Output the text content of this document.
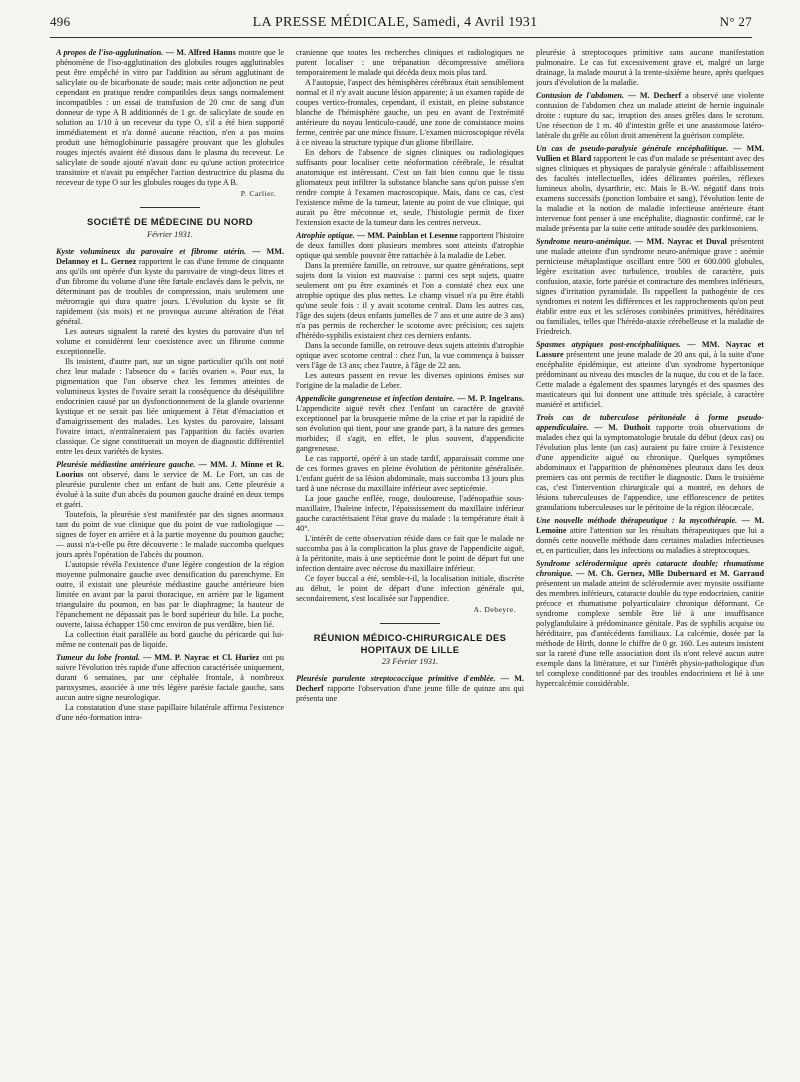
496	LA PRESSE MÉDICALE, Samedi, 4 Avril 1931	N° 27

A propos de l'iso-agglutination. — M. Alfred Hanns montre que le phénomène de l'iso-agglutination des globules rouges agglutinables peut être empêché in vitro par l'addition au sérum agglutinant de salicylate ou de bicarbonate de soude; mais cette adjonction ne peut cependant en pratique rendre compatibles deux sangs normalement incompatibles : un essai de transfusion de 20 cmc de sang d'un donneur de type A B additionnés de 1 gr. de salicylate de soude en solution au 1/10 à un receveur du type O, s'il a été bien supporté immédiatement et n'a donné aucune réaction, n'en a pas moins produit une hémoglobinurie passagère prouvant que les globules rouges injectés avaient été dissous dans le plasma du receveur. Le salicylate de soude ajouté n'avait donc eu qu'une action protectrice transitoire et n'avait pu empêcher l'action destructrice du plasma du receveur de type O sur les globules rouges du type A B.

P. Carlier.
SOCIÉTÉ DE MÉDECINE DU NORD
Février 1931.

Kyste volumineux du parovaire et fibrome utérin. — MM. Delannoy et L. Gernez rapportent le cas d'une femme de cinquante ans qu'ils ont opérée d'un kyste du parovaire de vingt-deux litres et d'un fibrome du volume d'une tête fœtale enclavés dans le pelvis, ne déterminant pas de troubles de compression, mais seulement une métrorragie qui dura quatre jours. L'évolution du kyste se fit rapidement (six mois) et ne provoqua aucune altération de l'état général.

Les auteurs signalent la rareté des kystes du parovaire d'un tel volume et considèrent leur coexistence avec un fibrome comme exceptionnelle.

Ils insistent, d'autre part, sur un signe particulier qu'ils ont noté chez leur malade : l'absence du « faciès ovarien ». Pour eux, la pigmentation que l'on observe chez les femmes atteintes de volumineux kystes de l'ovaire serait la conséquence du déséquilibre endocrinien causé par un dysfonctionnement de la glande ovarienne kystique et ne serait pas liée uniquement à l'état d'émaciation et d'amaigrissement des malades. Les kystes du parovaire, laissant l'ovaire intact, n'entraîneraient pas l'apparition du faciès ovarien classique. Ce signe constituerait un moyen de diagnostic différentiel entre les deux variétés de kystes.

Pleurésie médiastine antérieure gauche. — MM. J. Minne et R. Loorius ont observé, dans le service de M. Le Fort, un cas de pleurésie purulente chez un enfant de huit ans. Cette pleurésie a évolué à la suite d'un abcès du poumon gauche drainé en deux temps et guéri.

Toutefois, la pleurésie s'est manifestée par des signes anormaux tant du point de vue clinique que du point de vue radiologique — signes de foyer en arrière et à la partie moyenne du poumon gauche; — aussi n'a-t-elle pu être découverte : le malade succomba quelques jours après l'opération de l'abcès du poumon.

L'autopsie révéla l'existence d'une légère congestion de la région moyenne pulmonaire gauche avec densification du parenchyme. En outre, il existait une pleurésie médiastine gauche antérieure bien limitée en avant par la paroi thoracique, en arrière par le ligament triangulaire du poumon, en bas par le diaphragme; la hauteur de l'épanchement ne dépassait pas le bord supérieur du hile. La poche, ouverte, laissa échapper 150 cmc environ de pus verdâtre, bien lié.

La collection était parallèle au bord gauche du péricarde qui lui-même ne contenait pas de liquide.

Tumeur du lobe frontal. — MM. P. Nayrac et Cl. Huriez ont pu suivre l'évolution très rapide d'une affection caractérisée uniquement, durant 6 semaines, par une céphalée frontale, à nombreux paroxysmes, associée à une très légère parésie faciale gauche, sans aucun autre signe neurologique.

La constatation d'une stase papillaire bilatérale affirma l'existence d'une néo-formation intra-

cranienne que toutes les recherches cliniques et radiologiques ne purent localiser : une trépanation décompressive améliora temporairement le malade qui décéda deux mois plus tard.

A l'autopsie, l'aspect des hémisphères cérébraux était sensiblement normal et il n'y avait aucune lésion apparente; à un examen rapide de coupes vertico-frontales, cependant, il existait, en pleine substance blanche de l'hémisphère gauche, un peu en avant de l'extrémité antérieure du noyau lenticulo-caudé, une zone de consistance moins ferme, centrée par une mince fissure. L'examen microscopique révéla à ce niveau la structure typique d'un gliome fibrillaire.

En dehors de l'absence de signes cliniques ou radiologiques suffisants pour localiser cette néoformation cérébrale, le résultat anatomique est intéressant. C'est un fait bien connu que le tissu gliomateux peut infiltrer la substance blanche sans qu'on puisse s'en rendre compte à l'examen macroscopique. Mais, dans ce cas, c'est l'existence même de la tumeur, latente au point de vue clinique, qui aurait pu être méconnue et, seule, l'histologie permit de fixer l'extension exacte de la tumeur dans les centres nerveux.

Atrophie optique. — MM. Painblan et Lesenne rapportent l'histoire de deux familles dont plusieurs membres sont atteints d'atrophie optique qui semble pouvoir être rattachée à la maladie de Leber.

Dans la première famille, on retrouve, sur quatre générations, sept sujets dont la vision est mauvaise : parmi ces sept sujets, quatre seulement ont pu être examinés et l'on a constaté chez eux une atrophie optique des plus nettes. Le champ visuel n'a pu être établi qu'une seule fois : il y avait scotome central. Dans les autres cas, l'âge des sujets (deux enfants jumelles de 7 ans et une autre de 3 ans) n'a pas permis de rechercher le scotome avec précision; ces sujets d'hérédo-syphilis existaient chez ces derniers enfants.

Dans la seconde famille, on retrouve deux sujets atteints d'atrophie optique avec scotome central : chez l'un, la vue commença à baisser vers l'âge de 13 ans; chez l'autre, à l'âge de 22 ans.

Les auteurs passent en revue les diverses opinions émises sur l'origine de la maladie de Leber.

Appendicite gangreneuse et infection dentaire. — M. P. Ingelrans. L'appendicite aiguë revêt chez l'enfant un caractère de gravité exceptionnel par la brusquerie même de la crise et par la rapidité de son évolution qui tient, pour une grande part, à la nature des germes morbides; il s'agit, en effet, le plus souvent, d'appendicite gangreneuse.

Le cas rapporté, opéré à un stade tardif, apparaissait comme une de ces formes graves en pleine évolution de péritonite généralisée. L'enfant guérit de sa lésion abdominale, mais succomba 13 jours plus tard à une nécrose du maxillaire inférieur avec septicémie.

La joue gauche enflée, rouge, douloureuse, l'adénopathie sous-maxillaire, l'haleine infecte, l'épaississement du maxillaire inférieur gauche caractérisaient l'état grave du malade : la température était à 40°.

L'intérêt de cette observation réside dans ce fait que le malade ne succomba pas à la complication la plus grave de l'appendicite aiguë, à la péritonite, mais à une septicémie dont le point de départ fut une infection dentaire avec nécrose du maxillaire inférieur.

Ce foyer buccal a été, semble-t-il, la localisation initiale, discrète au début, le point de départ d'une infection générale qui, secondairement, s'est localisée sur l'appendice.

A. Debeyre.
RÉUNION MÉDICO-CHIRURGICALE DES HOPITAUX DE LILLE
23 Février 1931.

Pleurésie purulente streptococcique primitive d'emblée. — M. Decherf rapporte l'observation d'une jeune fille de quinze ans qui présenta une

pleurésie à streptocoques primitive sans aucune manifestation pulmonaire. Le cas fut excessivement grave et, malgré un large drainage, la malade mourut à la trente-sixième heure, après quelques jours d'évolution de la maladie.

Contusion de l'abdomen. — M. Decherf a observé une violente contusion de l'abdomen chez un malade atteint de hernie inguinale droite : rupture du sac, irruption des anses grêles dans le scrotum. Une résection de 1 m. 40 d'intestin grêle et une anastomose latéro-latérale du grêle au côlon droit amenèrent la guérison complète.

Un cas de pseudo-paralysie générale encéphalitique. — MM. Vullien et Blard rapportent le cas d'un malade se présentant avec des signes cliniques et physiques de paralysie générale : affaiblissement des facultés intellectuelles, idées délirantes puériles, réflexes lumineux abolis, dysarthrie, etc. Mais le B.-W. négatif dans trois examens successifs (ponction lombaire et sang), l'évolution lente de la maladie et la notion de maladie infectieuse antérieure étant intervenue font penser à une encéphalite, diagnostic confirmé, car le malade présenta par la suite cette attitude soudée des parkinsoniens.

Syndrome neuro-anémique. — MM. Nayrac et Duval présentent une malade atteinte d'un syndrome neuro-anémique grave : anémie pernicieuse métaplastique oscillant entre 500 et 600.000 globules, légère excitation avec turbulence, troubles de caractère, puis confusion, ataxie, forte parésie et contracture des membres inférieurs, signes d'irritation pyramidale. Ils rappellent la pathogénie de ces syndromes et notent les différences et les rapprochements qu'on peut établir entre eux et les scléroses combinées primitives, héréditaires ou familiales, telles que l'hérédo-ataxie cérébelleuse et la maladie de Friedreich.

Spasmes atypiques post-encéphalitiques. — MM. Nayrac et Lassure présentent une jeune malade de 20 ans qui, à la suite d'une encéphalite épidémique, est atteinte d'un syndrome hypertonique prédominant au niveau des muscles de la nuque, du cou et de la face. Cette malade a également des spasmes laryngés et des spasmes des masticateurs qui lui donnent une attitude très spéciale, à caractère maniéré et artificiel.

Trois cas de tuberculose péritonéale à forme pseudo-appendiculaire. — M. Duthoit rapporte trois observations de malades chez qui la symptomatologie brutale du début (deux cas) ou l'évolution plus lente (un cas) auraient pu faire croire à l'existence d'une appendicite aiguë ou chronique. Quelques symptômes abdominaux et l'apparition de phénomènes pleuraux dans les deux premiers cas ont permis de rectifier le diagnostic. Dans le troisième cas, c'est l'intervention chirurgicale qui a montré, en dehors de lésions tuberculeuses de l'appendice, une efflorescence de petites granulations tuberculeuses sur le péritoine de la région iléocæcale.

Une nouvelle méthode thérapeutique : la mycothérapie. — M. Lemoine attire l'attention sur les résultats thérapeutiques que lui a donnés cette nouvelle méthode dans certaines maladies infectieuses et, en particulier, dans les infections ou maladies à streptocoques.

Syndrome sclérodermique après cataracte double; rhumatisme chronique. — M. Ch. Gernez, Mlle Dubernard et M. Garraud présentent un malade atteint de sclérodermie avec myosite ossifiante des membres inférieurs, cataracte double du type endocrinien, canitie précoce et rhumatisme polyarticulaire chronique déformant. Ce syndrome complexe semble être lié à une insuffisance polyglandulaire à prédominance génitale. Pas de syphilis acquise ou héréditaire, pas d'antécédents familiaux. La calcémie, dosée par la méthode de Hirth, donne le chiffre de 0 gr. 160. Les auteurs insistent sur la rareté d'une telle association dont ils n'ont relevé aucun autre exemple dans la littérature, et sur l'intérêt physio-pathologique d'un tel complexe conditionné par des troubles endocriniens et lié à une hypercalcémie considérable.
